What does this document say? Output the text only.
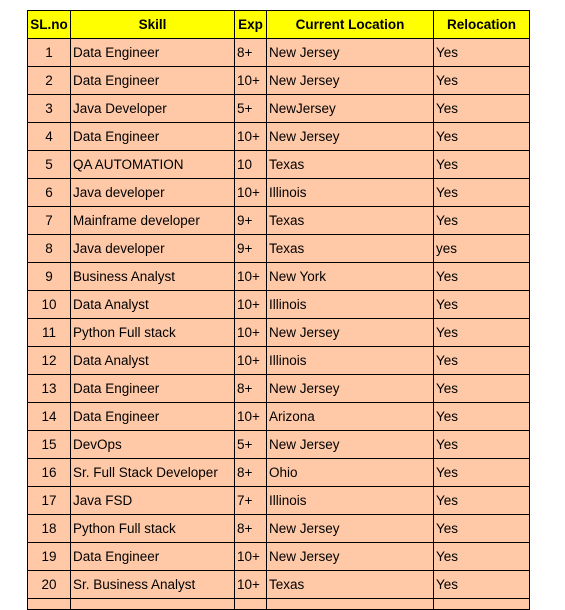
SL.no	Skill	Exp	Current Location	Relocation
1	Data Engineer	8+	New Jersey	Yes
2	Data Engineer	10+	New Jersey	Yes
3	Java Developer	5+	NewJersey	Yes
4	Data Engineer	10+	New Jersey	Yes
5	QA AUTOMATION	10	Texas	Yes
6	Java developer	10+	Illinois	Yes
7	Mainframe developer	9+	Texas	Yes
8	Java developer	9+	Texas	yes
9	Business Analyst	10+	New York	Yes
10	Data Analyst	10+	Illinois	Yes
11	Python Full stack	10+	New Jersey	Yes
12	Data Analyst	10+	Illinois	Yes
13	Data Engineer	8+	New Jersey	Yes
14	Data Engineer	10+	Arizona	Yes
15	DevOps	5+	New Jersey	Yes
16	Sr. Full Stack Developer	8+	Ohio	Yes
17	Java FSD	7+	Illinois	Yes
18	Python Full stack	8+	New Jersey	Yes
19	Data Engineer	10+	New Jersey	Yes
20	Sr. Business Analyst	10+	Texas	Yes
